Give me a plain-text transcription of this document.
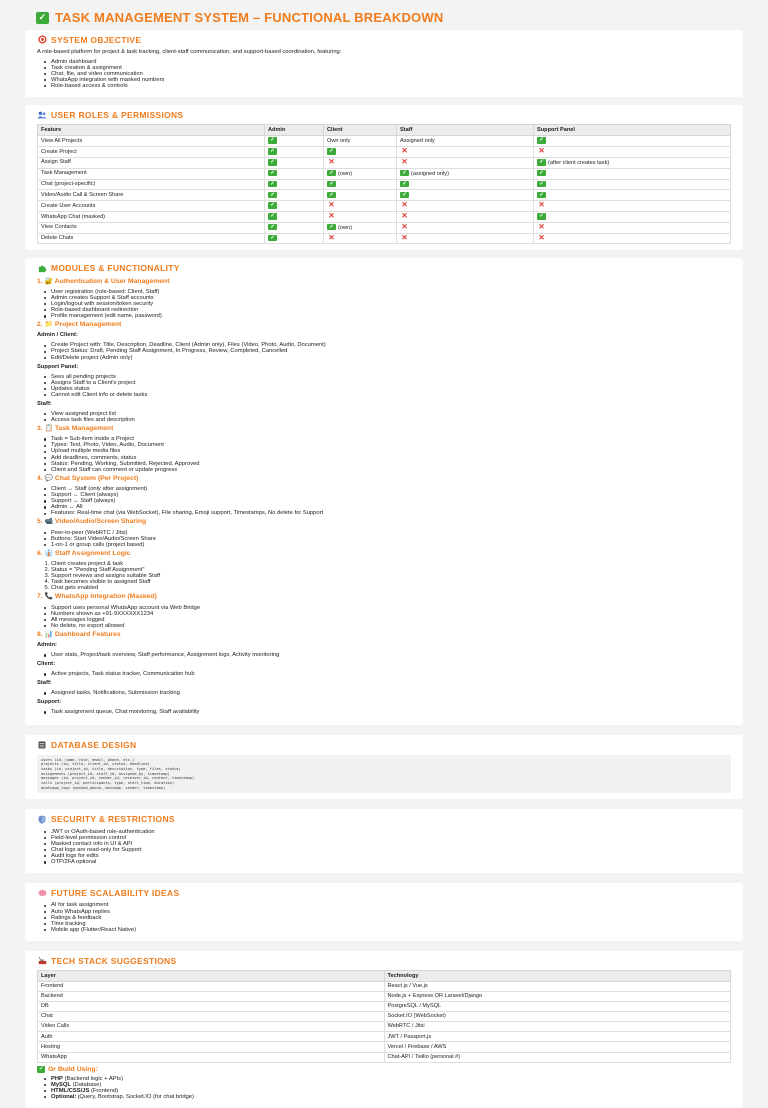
✓ TASK MANAGEMENT SYSTEM – FUNCTIONAL BREAKDOWN
SYSTEM OBJECTIVE

A role-based platform for project & task tracking, client-staff communication, and support-based coordination, featuring:

Admin dashboard
Task creation & assignment
Chat, file, and video communication
WhatsApp integration with masked numbers
Role-based access & controls
USER ROLES & PERMISSIONS
Feature	Admin	Client	Staff	Support Panel
View All Projects	✓	Own only	Assigned only	✓
Create Project	✓	✓	✕	✕
Assign Staff	✓	✕	✕	✓ (after client creates task)
Task Management	✓	✓ (own)	✓ (assigned only)	✓
Chat (project-specific)	✓	✓	✓	✓
Video/Audio Call & Screen Share	✓	✓	✓	✓
Create User Accounts	✓	✕	✕	✕
WhatsApp Chat (masked)	✓	✕	✕	✓
View Contacts	✓	✓ (own)	✕	✕
Delete Chats	✓	✕	✕	✕
MODULES & FUNCTIONALITY
1. 🔐 Authentication & User Management
User registration (role-based: Client, Staff)
Admin creates Support & Staff accounts
Login/logout with session/token security
Role-based dashboard redirection
Profile management (edit name, password)
2. 📁 Project Management
Admin / Client:
Create Project with: Title, Description, Deadline, Client (Admin only), Files (Video, Photo, Audio, Document)
Project Status: Draft, Pending Staff Assignment, In Progress, Review, Completed, Cancelled
Edit/Delete project (Admin only)
Support Panel:
Sees all pending projects
Assigns Staff to a Client's project
Updates status
Cannot edit Client info or delete tasks
Staff:
View assigned project list
Access task files and description
3. 📋 Task Management
Task = Sub-item inside a Project
Types: Text, Photo, Video, Audio, Document
Upload multiple media files
Add deadlines, comments, status
Status: Pending, Working, Submitted, Rejected, Approved
Client and Staff can comment or update progress
4. 💬 Chat System (Per Project)
Client ↔ Staff (only after assignment)
Support ↔ Client (always)
Support ↔ Staff (always)
Admin ↔ All
Features: Real-time chat (via WebSocket), File sharing, Emoji support, Timestamps, No delete for Support
5. 📹 Video/Audio/Screen Sharing
Peer-to-peer (WebRTC / Jitsi)
Buttons: Start Video/Audio/Screen Share
1-on-1 or group calls (project based)
6. 👔 Staff Assignment Logic
1. Client creates project & task
2. Status = "Pending Staff Assignment"
3. Support reviews and assigns suitable Staff
4. Task becomes visible to assigned Staff
5. Chat gets enabled
7. 📞 WhatsApp Integration (Masked)
Support uses personal WhatsApp account via Web Bridge
Numbers shown as +91-9XXXXXX1234
All messages logged
No delete, no export allowed
8. 📊 Dashboard Features
Admin:
User stats, Project/task overview, Staff performance, Assignment logs, Activity monitoring
Client:
Active projects, Task status tracker, Communication hub
Staff:
Assigned tasks, Notifications, Submission tracking
Support:
Task assignment queue, Chat monitoring, Staff availability
DATABASE DESIGN
users (id, name, role, email, phone, etc.)
projects (id, title, client_id, status, deadline)
tasks (id, project_id, title, description, type, files, status)
assignments (project_id, staff_id, assigned_by, timestamp)
messages (id, project_id, sender_id, receiver_id, content, timestamp)
calls (project_id, participants, type, start_time, duration)
whatsapp_logs (masked_phone, message, sender, timestamp)
SECURITY & RESTRICTIONS
JWT or OAuth-based role-authentication
Field-level permission control
Masked contact info in UI & API
Chat logs are read-only for Support
Audit logs for edits
OTP/2FA optional
FUTURE SCALABILITY IDEAS
AI for task assignment
Auto WhatsApp replies
Ratings & feedback
Time tracking
Mobile app (Flutter/React Native)
TECH STACK SUGGESTIONS
Layer	Technology
Frontend	React.js / Vue.js
Backend	Node.js + Express OR Laravel/Django
DB	PostgreSQL / MySQL
Chat	Socket.IO (WebSocket)
Video Calls	WebRTC / Jitsi
Auth	JWT / Passport.js
Hosting	Vercel / Firebase / AWS
WhatsApp	Chat-API / Twilio (personal #)
✓ Or Build Using:
PHP (Backend logic + APIs)
MySQL (Database)
HTML/CSS/JS (Frontend)
Optional: jQuery, Bootstrap, Socket.IO (for chat bridge)
